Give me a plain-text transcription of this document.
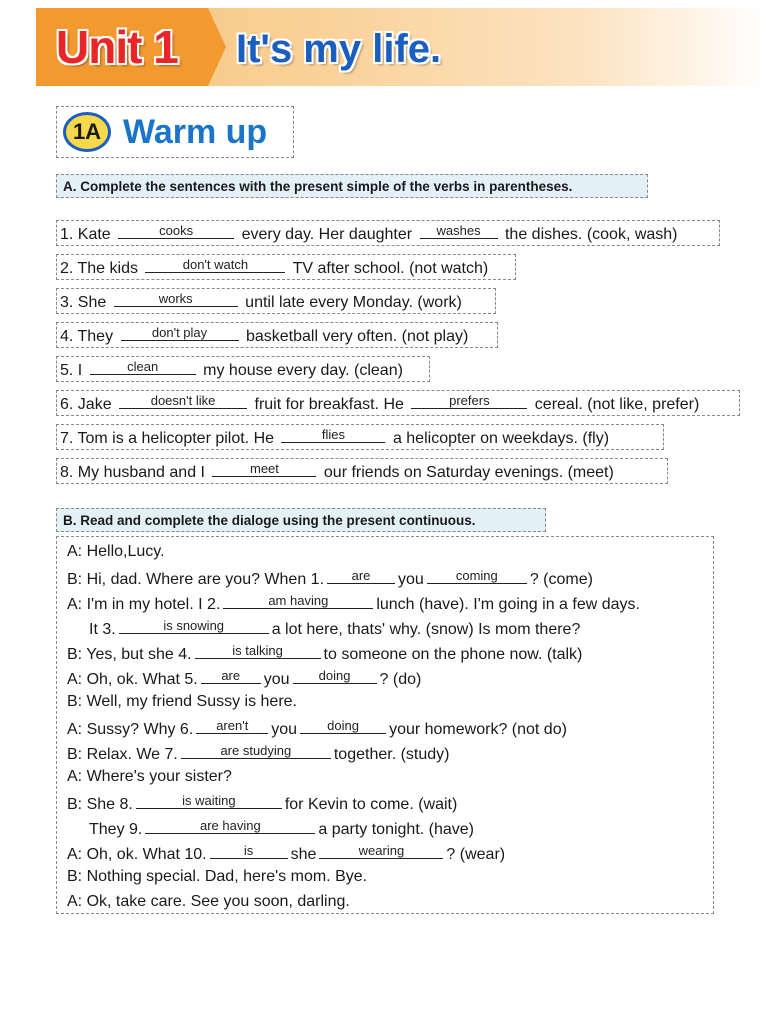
Unit 1 It's my life.
1A Warm up
A. Complete the sentences with the present simple of the verbs in parentheses.
1. Kate	cooks	every day. Her daughter	washes	the dishes. (cook, wash)
2. The kids	don't watch	TV after school. (not watch)
3. She	works	until late every Monday. (work)
4. They	don't play	basketball very often. (not play)
5. I	clean	my house every day. (clean)
6. Jake	doesn't like	fruit for breakfast. He	prefers	cereal. (not like, prefer)
7. Tom is a helicopter pilot. He	flies	a helicopter on weekdays. (fly)
8. My husband and I	meet	our friends on Saturday evenings. (meet)
B. Read and complete the dialoge using the present continuous.
A: Hello,Lucy.
B: Hi, dad. Where are you? When 1.	are	you	coming	? (come)
A: I'm in my hotel. I 2.	am having	lunch (have). I'm going in a few days.
It 3.	is snowing	a lot here, thats' why. (snow) Is mom there?
B: Yes, but she 4.	is talking	to someone on the phone now. (talk)
A: Oh, ok. What 5.	are	you	doing	? (do)
B: Well, my friend Sussy is here.
A: Sussy? Why 6.	aren't	you	doing	your homework? (not do)
B: Relax. We 7.	are studying	together. (study)
A: Where's your sister?
B: She 8.	is waiting	for Kevin to come. (wait)
They 9.	are having	a party tonight. (have)
A: Oh, ok. What 10.	is	she	wearing	? (wear)
B: Nothing special. Dad, here's mom. Bye.
A: Ok, take care. See you soon, darling.
